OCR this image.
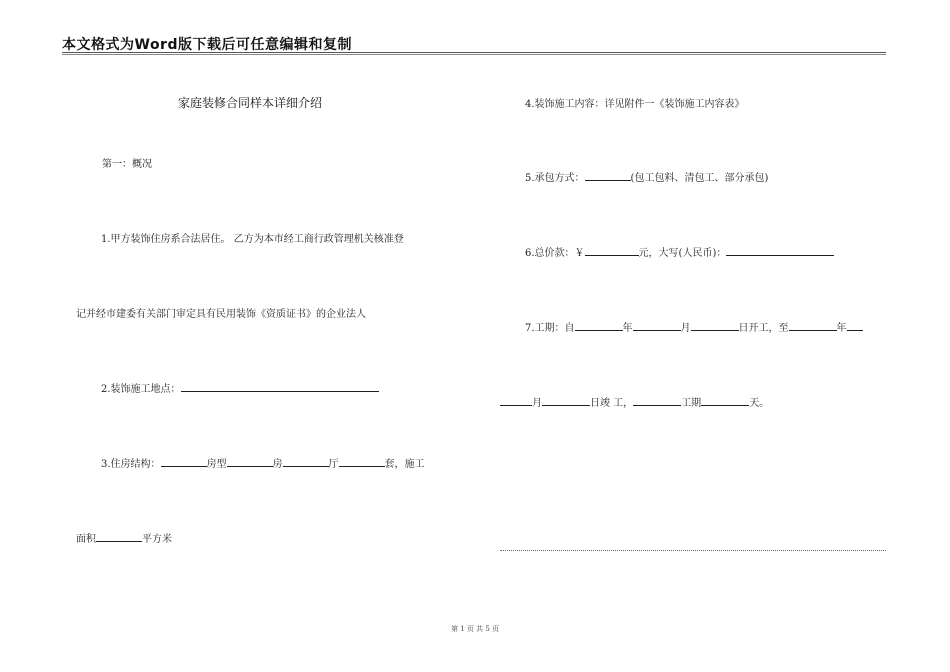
本文格式为Word版下载后可任意编辑和复制
家庭装修合同样本详细介绍
第一：概况
1.甲方装饰住房系合法居住。 乙方为本市经工商行政管理机关核准登
记并经市建委有关部门审定具有民用装饰《资质证书》的企业法人
2.装饰施工地点：
3.住房结构：	房型	房	厅	套，施工
面积	平方米
4.装饰施工内容：详见附件一《装饰施工内容表》
5.承包方式：	(包工包料、清包工、部分承包)
6.总价款：￥	元，大写(人民币)：
7.工期：自	年	月	日开工，至	年
月	日竣 工，	工期	天。
第 1 页 共 5 页
